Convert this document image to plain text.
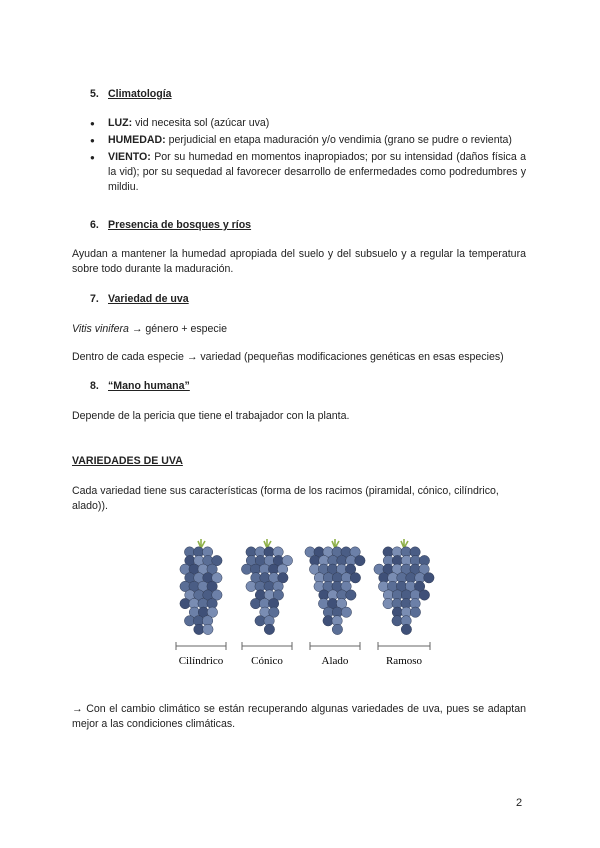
5. Climatología
● LUZ: vid necesita sol (azúcar uva)
● HUMEDAD: perjudicial en etapa maduración y/o vendimia (grano se pudre o revienta)
● VIENTO: Por su humedad en momentos inapropiados; por su intensidad (daños física a la vid); por su sequedad al favorecer desarrollo de enfermedades como podredumbres y mildiu.
6. Presencia de bosques y ríos
Ayudan a mantener la humedad apropiada del suelo y del subsuelo y a regular la temperatura sobre todo durante la maduración.
7. Variedad de uva
Vitis vinifera → género + especie
Dentro de cada especie → variedad (pequeñas modificaciones genéticas en esas especies)
8. “Mano humana”
Depende de la pericia que tiene el trabajador con la planta.
VARIEDADES DE UVA
Cada variedad tiene sus características (forma de los racimos (piramidal, cónico, cilíndrico, alado)).
Cilíndrico	Cónico	Alado	Ramoso
→ Con el cambio climático se están recuperando algunas variedades de uva, pues se adaptan mejor a las condiciones climáticas.
2
